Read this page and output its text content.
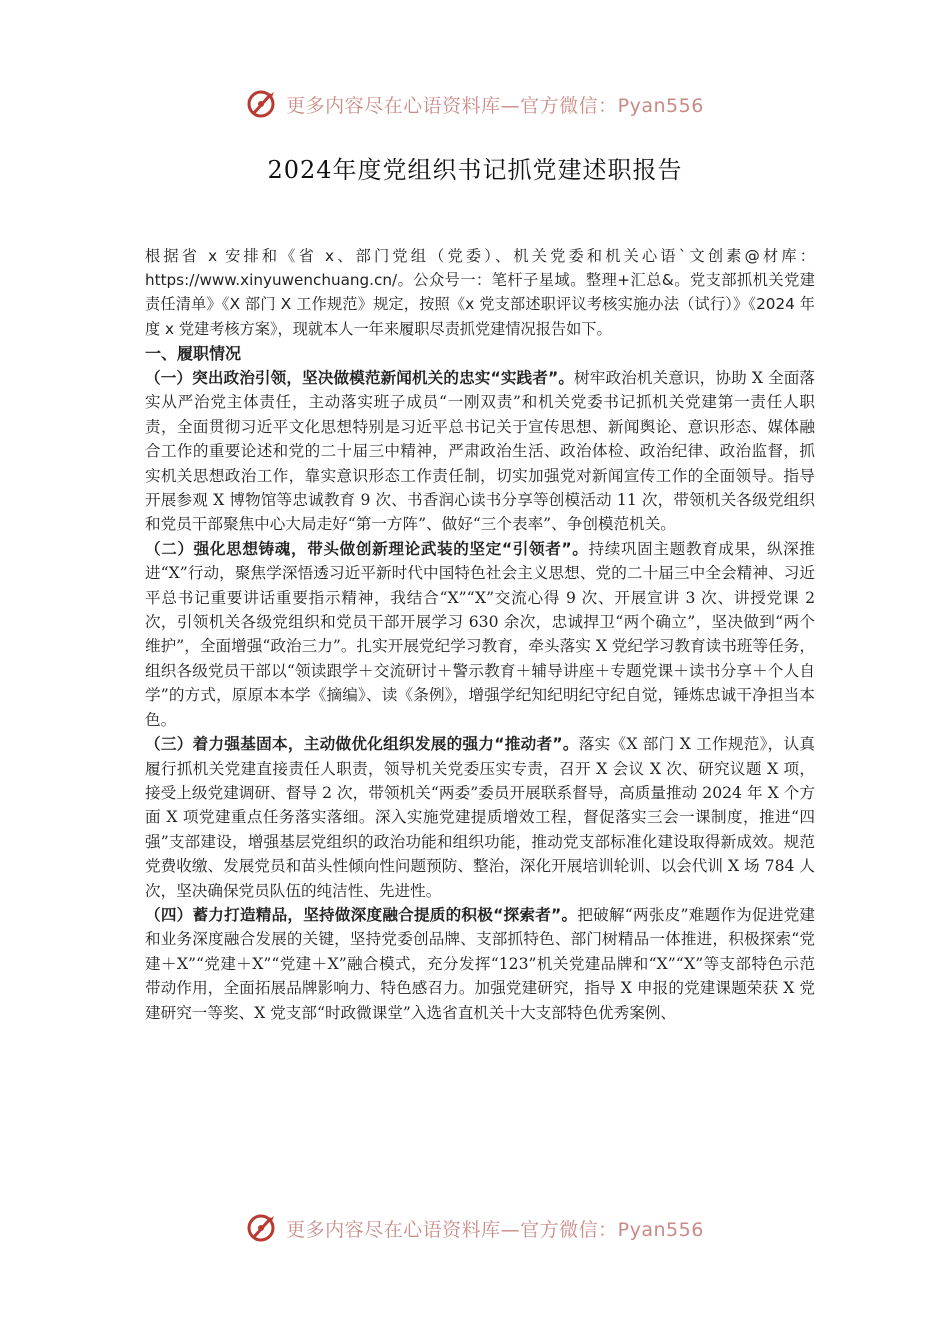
更多内容尽在心语资料库—官方微信：Pyan556
2024年度党组织书记抓党建述职报告

根据省 x 安排和《省 x、部门党组（党委）、机关党委和机关心语`文创素@材库：https://www.xinyuwenchuang.cn/。公众号一：笔杆子星域。整理+汇总&。党支部抓机关党建责任清单》《X 部门 X 工作规范》规定，按照《x 党支部述职评议考核实施办法（试行）》《2024 年度 x 党建考核方案》，现就本人一年来履职尽责抓党建情况报告如下。

一、履职情况

（一）突出政治引领，坚决做模范新闻机关的忠实“实践者”。树牢政治机关意识，协助 X 全面落实从严治党主体责任，主动落实班子成员“一刚双责”和机关党委书记抓机关党建第一责任人职责，全面贯彻习近平文化思想特别是习近平总书记关于宣传思想、新闻舆论、意识形态、媒体融合工作的重要论述和党的二十届三中精神，严肃政治生活、政治体检、政治纪律、政治监督，抓实机关思想政治工作，靠实意识形态工作责任制，切实加强党对新闻宣传工作的全面领导。指导开展参观 X 博物馆等忠诚教育 9 次、书香润心读书分享等创模活动 11 次，带领机关各级党组织和党员干部聚焦中心大局走好“第一方阵”、做好“三个表率”、争创模范机关。

（二）强化思想铸魂，带头做创新理论武装的坚定“引领者”。持续巩固主题教育成果，纵深推进“X”行动，聚焦学深悟透习近平新时代中国特色社会主义思想、党的二十届三中全会精神、习近平总书记重要讲话重要指示精神，我结合“X”“X”交流心得 9 次、开展宣讲 3 次、讲授党课 2 次，引领机关各级党组织和党员干部开展学习 630 余次，忠诚捍卫“两个确立”，坚决做到“两个维护”，全面增强“政治三力”。扎实开展党纪学习教育，牵头落实 X 党纪学习教育读书班等任务，组织各级党员干部以“领读跟学＋交流研讨＋警示教育＋辅导讲座＋专题党课＋读书分享＋个人自学”的方式，原原本本学《摘编》、读《条例》，增强学纪知纪明纪守纪自觉，锤炼忠诚干净担当本色。

（三）着力强基固本，主动做优化组织发展的强力“推动者”。落实《X 部门 X 工作规范》，认真履行抓机关党建直接责任人职责，领导机关党委压实专责，召开 X 会议 X 次、研究议题 X 项，接受上级党建调研、督导 2 次，带领机关“两委”委员开展联系督导，高质量推动 2024 年 X 个方面 X 项党建重点任务落实落细。深入实施党建提质增效工程，督促落实三会一课制度，推进“四强”支部建设，增强基层党组织的政治功能和组织功能，推动党支部标准化建设取得新成效。规范党费收缴、发展党员和苗头性倾向性问题预防、整治，深化开展培训轮训、以会代训 X 场 784 人次，坚决确保党员队伍的纯洁性、先进性。

（四）蓄力打造精品，坚持做深度融合提质的积极“探索者”。把破解“两张皮”难题作为促进党建和业务深度融合发展的关键，坚持党委创品牌、支部抓特色、部门树精品一体推进，积极探索“党建＋X”“党建＋X”“党建＋X”融合模式，充分发挥“123”机关党建品牌和“X”“X”等支部特色示范带动作用，全面拓展品牌影响力、特色感召力。加强党建研究，指导 X 申报的党建课题荣获 X 党建研究一等奖、X 党支部“时政微课堂”入选省直机关十大支部特色优秀案例、

更多内容尽在心语资料库—官方微信：Pyan556
